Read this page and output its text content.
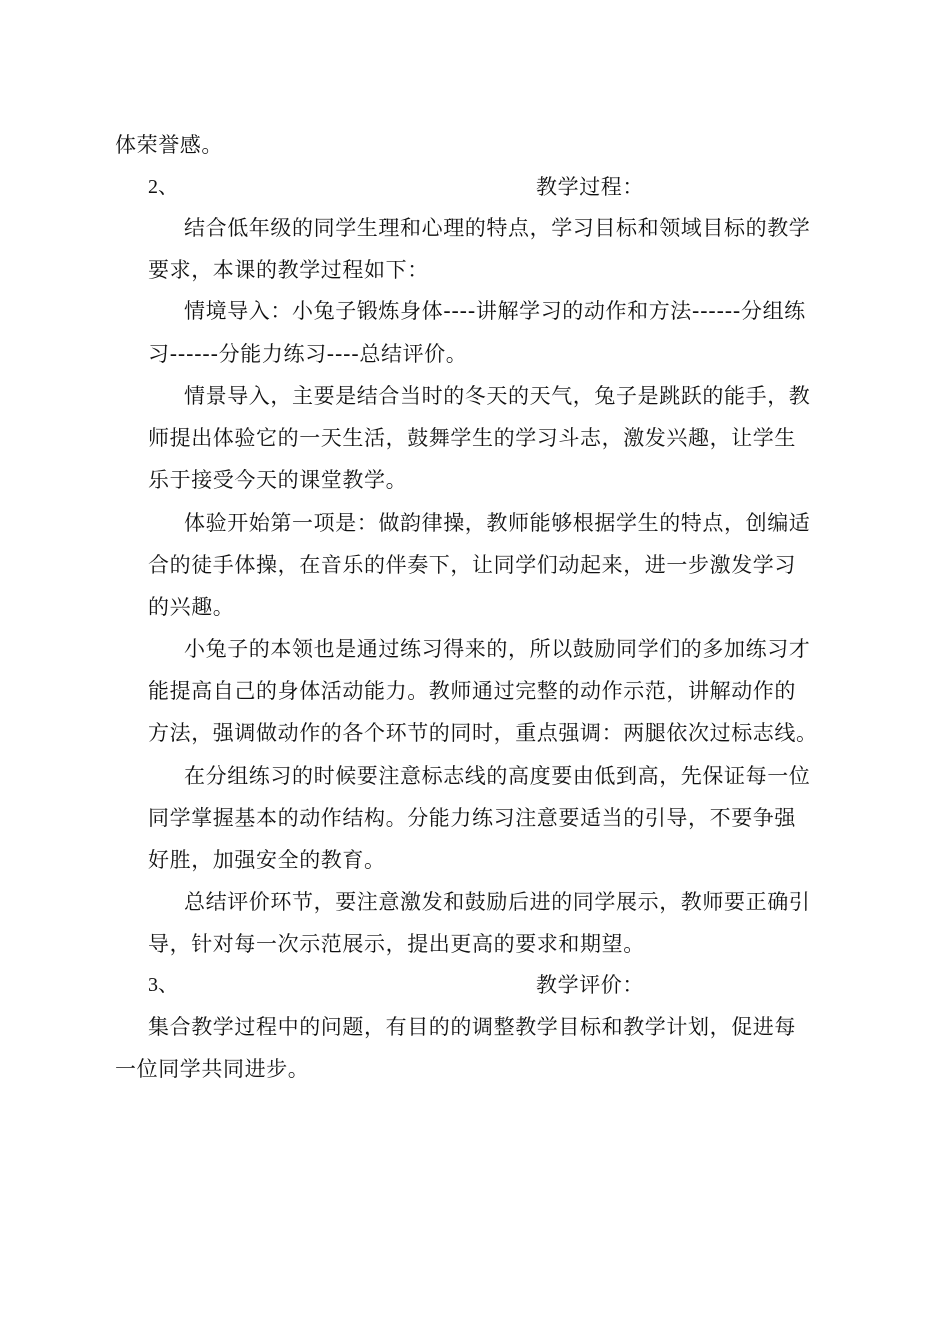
体荣誉感。
2、	教学过程：
结合低年级的同学生理和心理的特点，学习目标和领域目标的教学
要求，本课的教学过程如下：
情境导入：小兔子锻炼身体----讲解学习的动作和方法------分组练
习------分能力练习----总结评价。
情景导入，主要是结合当时的冬天的天气，兔子是跳跃的能手，教
师提出体验它的一天生活，鼓舞学生的学习斗志，激发兴趣，让学生
乐于接受今天的课堂教学。
体验开始第一项是：做韵律操，教师能够根据学生的特点，创编适
合的徒手体操，在音乐的伴奏下，让同学们动起来，进一步激发学习
的兴趣。
小兔子的本领也是通过练习得来的，所以鼓励同学们的多加练习才
能提高自己的身体活动能力。教师通过完整的动作示范，讲解动作的
方法，强调做动作的各个环节的同时，重点强调：两腿依次过标志线。
在分组练习的时候要注意标志线的高度要由低到高，先保证每一位
同学掌握基本的动作结构。分能力练习注意要适当的引导，不要争强
好胜，加强安全的教育。
总结评价环节，要注意激发和鼓励后进的同学展示，教师要正确引
导，针对每一次示范展示，提出更高的要求和期望。
3、	教学评价：
集合教学过程中的问题，有目的的调整教学目标和教学计划，促进每
一位同学共同进步。
